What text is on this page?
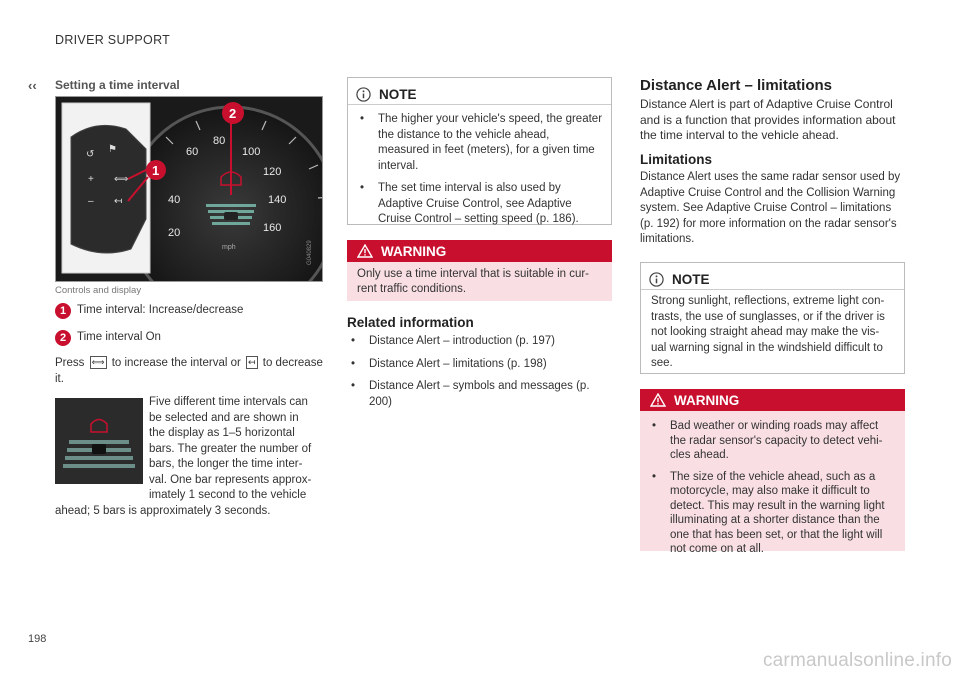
DRIVER SUPPORT
‹‹ Setting a time interval
20
40
60
80
100
120
140
160
mph
2
↺ ⚑
+
–
⟺
↤
1
G040829
Controls and display
1 Time interval: Increase/decrease
2 Time interval On
Press ⟺ to increase the interval or ↤ to decrease it.
Five different time intervals can
be selected and are shown in
the display as 1–5 horizontal
bars. The greater the number of
bars, the longer the time inter-
val. One bar represents approx-
imately 1 second to the vehicle
ahead; 5 bars is approximately 3 seconds.
NOTE
• The higher your vehicle's speed, the greater the distance to the vehicle ahead, measured in feet (meters), for a given time interval.
• The set time interval is also used by Adaptive Cruise Control, see Adaptive Cruise Control – setting speed (p. 186).
WARNING
Only use a time interval that is suitable in cur-rent traffic conditions.
Related information
• Distance Alert – introduction (p. 197)
• Distance Alert – limitations (p. 198)
• Distance Alert – symbols and messages (p. 200)
Distance Alert – limitations
Distance Alert is part of Adaptive Cruise Control and is a function that provides information about the time interval to the vehicle ahead.
Limitations
Distance Alert uses the same radar sensor used by Adaptive Cruise Control and the Collision Warning system. See Adaptive Cruise Control – limitations (p. 192) for more information on the radar sensor's limitations.
NOTE
Strong sunlight, reflections, extreme light con-trasts, the use of sunglasses, or if the driver is not looking straight ahead may make the vis-ual warning signal in the windshield difficult to see.
WARNING
• Bad weather or winding roads may affect the radar sensor's capacity to detect vehi-cles ahead.
• The size of the vehicle ahead, such as a motorcycle, may also make it difficult to detect. This may result in the warning light illuminating at a shorter distance than the one that has been set, or that the light will not come on at all.
198
carmanualsonline.info
